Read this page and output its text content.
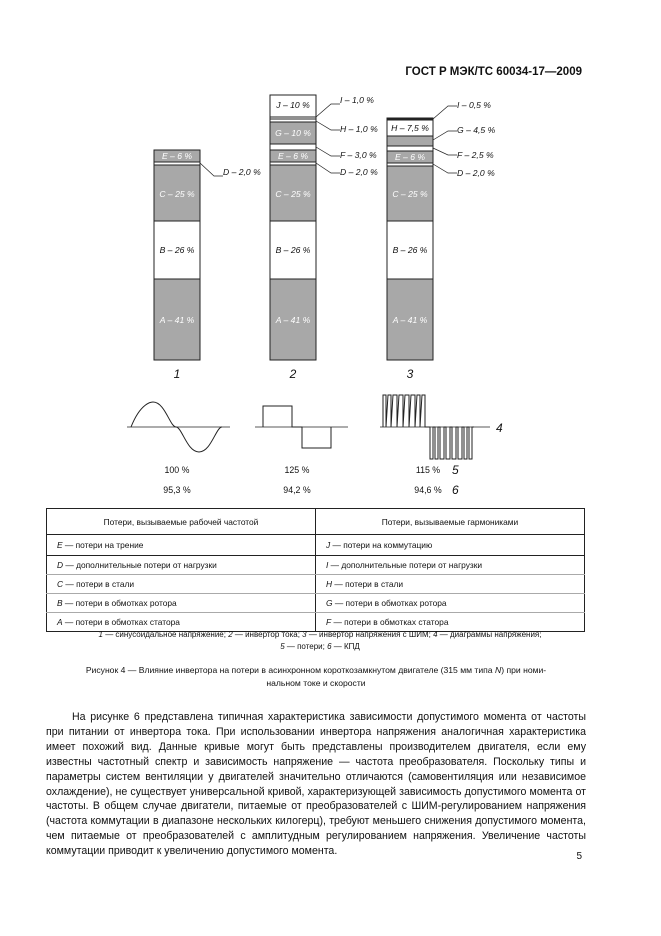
ГОСТ Р МЭК/ТС 60034-17—2009
E – 6 %
C – 25 %
B – 26 %
A – 41 %
D – 2,0 %
1
J – 10 %
G – 10 %
E – 6 %
C – 25 %
B – 26 %
A – 41 %
I – 1,0 %
H – 1,0 %
F – 3,0 %
D – 2,0 %
2
H – 7,5 %
E – 6 %
C – 25 %
B – 26 %
A – 41 %
I – 0,5 %
G – 4,5 %
F – 2,5 %
D – 2,0 %
3
4
100 %	125 %	115 % 5
95,3 %	94,2 %	94,6 % 6
Потери, вызываемые рабочей частотой	Потери, вызываемые гармониками
E — потери на трение	J — потери на коммутацию
D — дополнительные потери от нагрузки	I — дополнительные потери от нагрузки
C — потери в стали	H — потери в стали
B — потери в обмотках ротора	G — потери в обмотках ротора
A — потери в обмотках статора	F — потери в обмотках статора
1 — синусоидальное напряжение; 2 — инвертор тока; 3 — инвертор напряжения с ШИМ; 4 — диаграммы напряжения;
5 — потери; 6 — КПД
Рисунок 4 — Влияние инвертора на потери в асинхронном короткозамкнутом двигателе (315 мм типа N) при номи-
нальном токе и скорости
На рисунке 6 представлена типичная характеристика зависимости допустимого момента от частоты при питании от инвертора тока. При использовании инвертора напряжения аналогичная характеристика имеет похожий вид. Данные кривые могут быть представлены производителем двигателя, если ему известны частотный спектр и зависимость напряжение — частота преобразователя. Поскольку типы и параметры систем вентиляции у двигателей значительно отличаются (самовентиляция или независимое охлаждение), не существует универсальной кривой, характеризующей зависимость допустимого момента от частоты. В общем случае двигатели, питаемые от преобразователей с ШИМ-регулированием напряжения (частота коммутации в диапазоне нескольких килогерц), требуют меньшего снижения допустимого момента, чем питаемые от преобразователей с амплитудным регулированием напряжения. Увеличение частоты коммутации приводит к увеличению допустимого момента.	5
